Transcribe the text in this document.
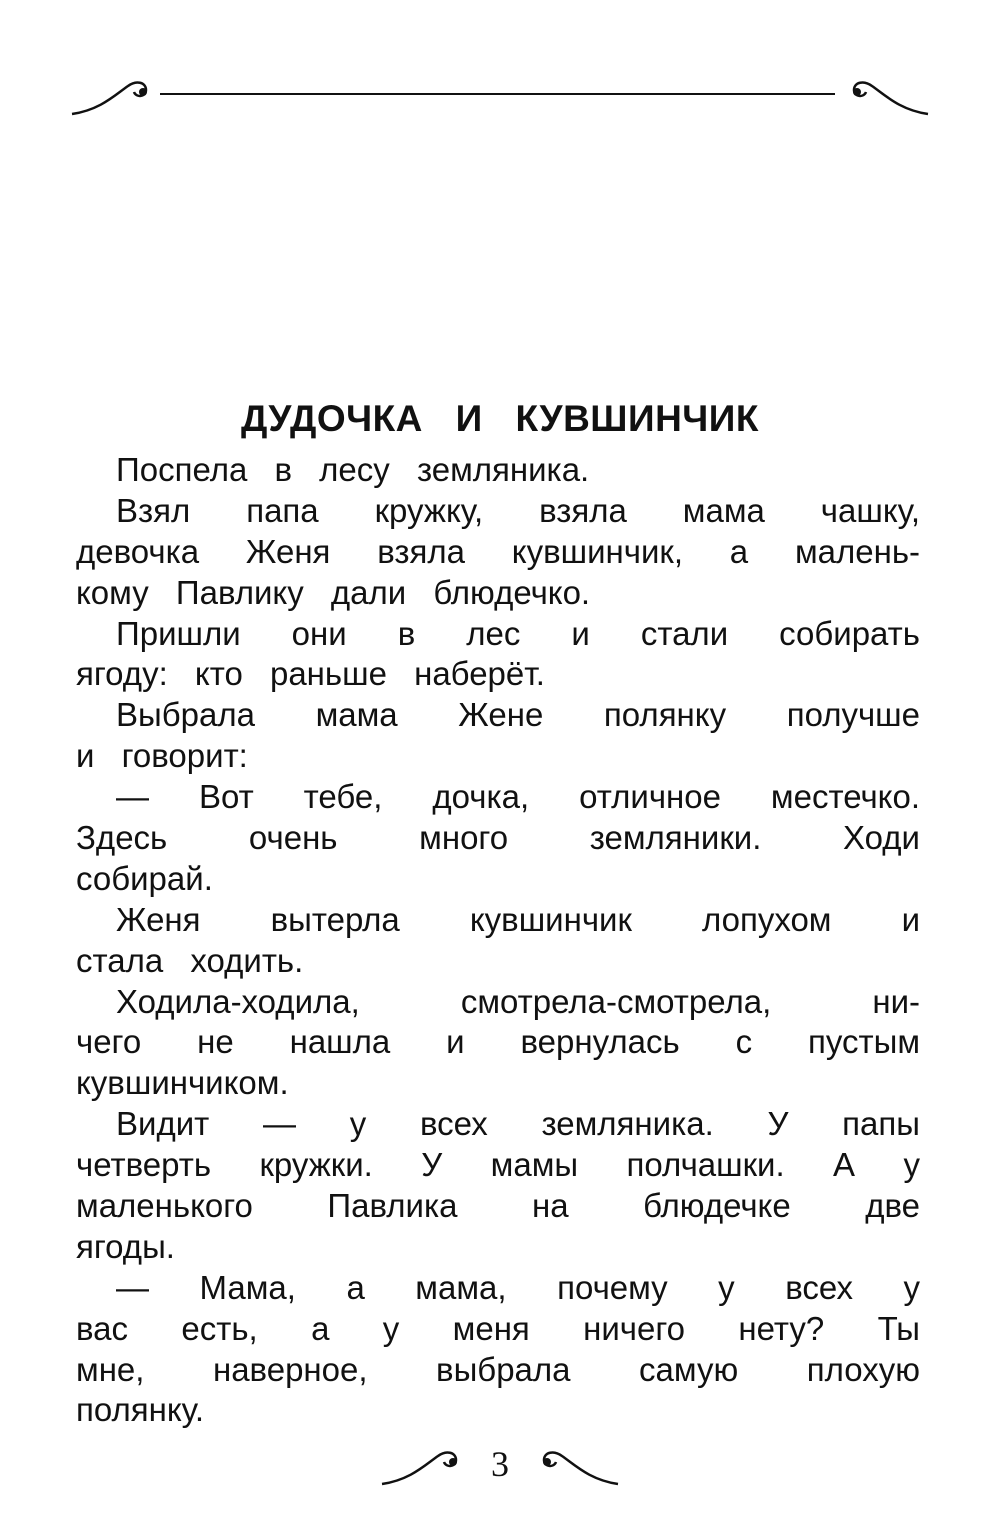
ДУДОЧКА И КУВШИНЧИК
Поспела в лесу земляника.
Взял папа кружку, взяла мама чашку,
девочка Женя взяла кувшинчик, а малень-
кому Павлику дали блюдечко.
Пришли они в лес и стали собирать
ягоду: кто раньше наберёт.
Выбрала мама Жене полянку получше
и говорит:
— Вот тебе, дочка, отличное местечко.
Здесь очень много земляники. Ходи
собирай.
Женя вытерла кувшинчик лопухом и
стала ходить.
Ходила-ходила, смотрела-смотрела, ни-
чего не нашла и вернулась с пустым
кувшинчиком.
Видит — у всех земляника. У папы
четверть кружки. У мамы полчашки. А у
маленького Павлика на блюдечке две
ягоды.
— Мама, а мама, почему у всех у
вас есть, а у меня ничего нету? Ты
мне, наверное, выбрала самую плохую
полянку.
3
